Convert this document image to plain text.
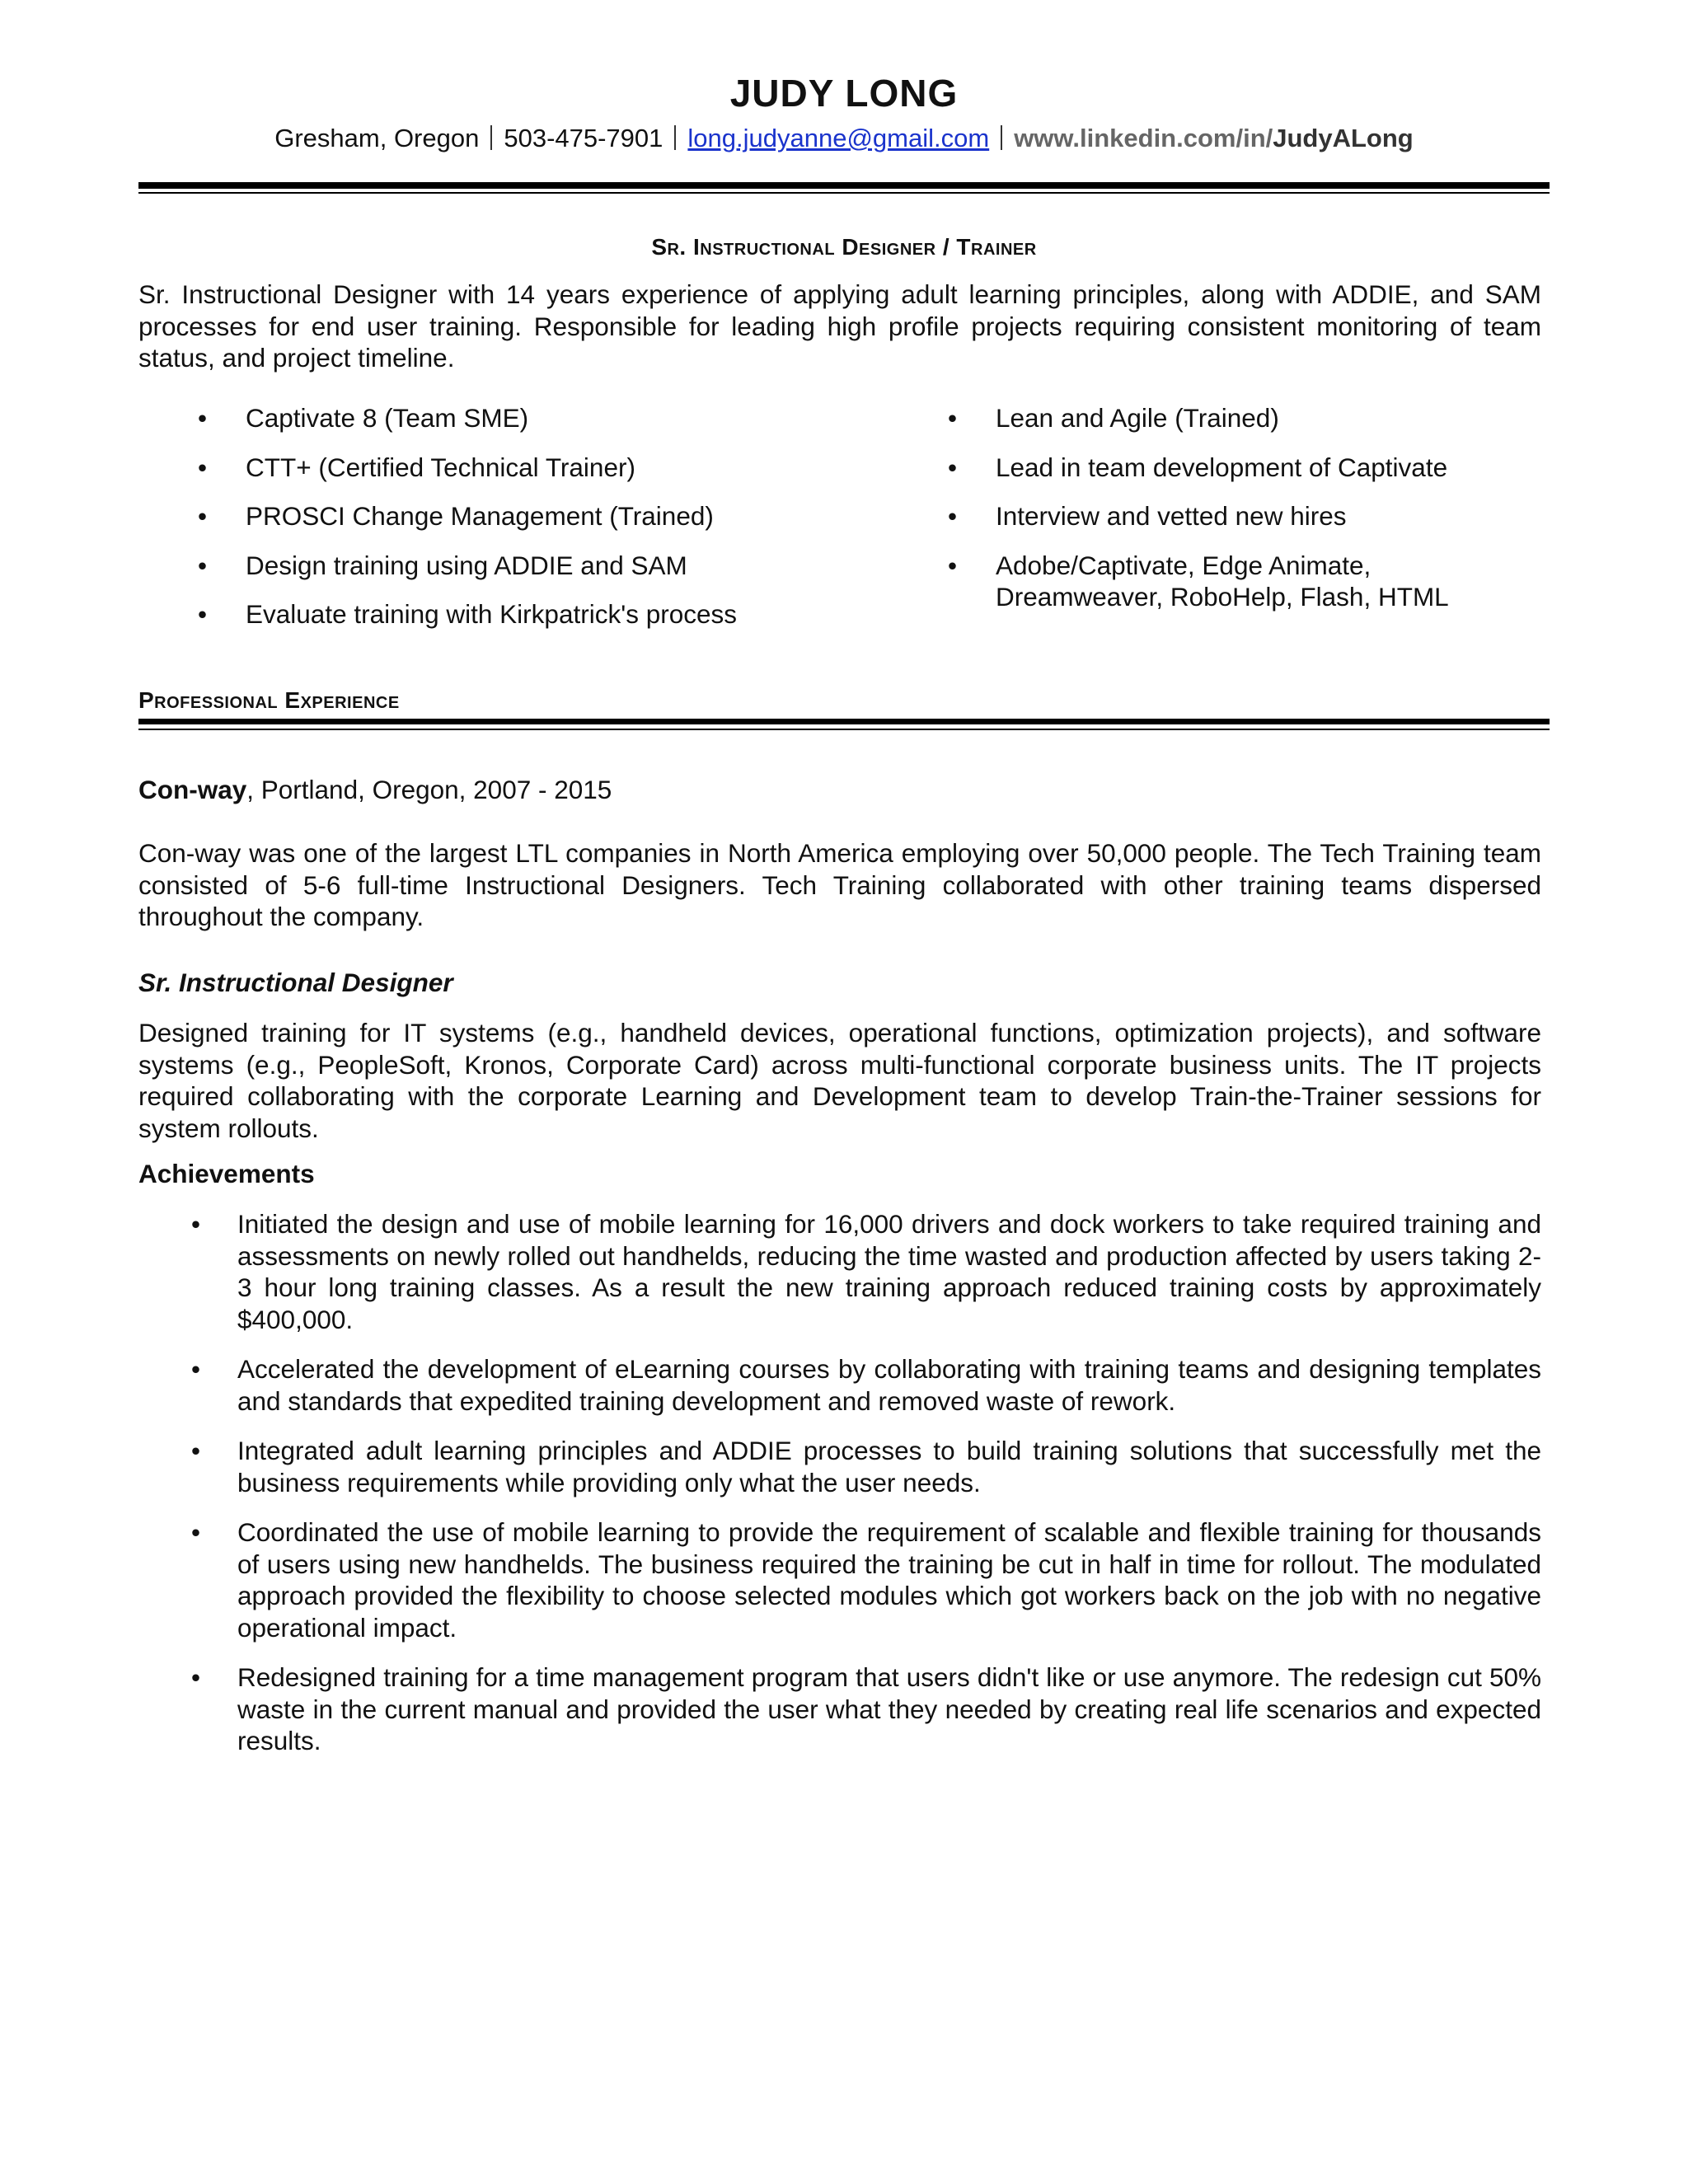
JUDY LONG
Gresham, Oregon 503-475-7901 long.judyanne@gmail.com www.linkedin.com/in/JudyALong
Sr. Instructional Designer / Trainer

Sr. Instructional Designer with 14 years experience of applying adult learning principles, along with ADDIE, and SAM processes for end user training. Responsible for leading high profile projects requiring consistent monitoring of team status, and project timeline.

• Captivate 8 (Team SME)
• CTT+ (Certified Technical Trainer)
• PROSCI Change Management (Trained)
• Design training using ADDIE and SAM
• Evaluate training with Kirkpatrick's process
• Lean and Agile (Trained)
• Lead in team development of Captivate
• Interview and vetted new hires
• Adobe/Captivate, Edge Animate, Dreamweaver, RoboHelp, Flash, HTML
Professional Experience
Con-way, Portland, Oregon, 2007 - 2015

Con-way was one of the largest LTL companies in North America employing over 50,000 people. The Tech Training team consisted of 5-6 full-time Instructional Designers. Tech Training collaborated with other training teams dispersed throughout the company.

Sr. Instructional Designer

Designed training for IT systems (e.g., handheld devices, operational functions, optimization projects), and software systems (e.g., PeopleSoft, Kronos, Corporate Card) across multi-functional corporate business units. The IT projects required collaborating with the corporate Learning and Development team to develop Train-the-Trainer sessions for system rollouts.

Achievements
• Initiated the design and use of mobile learning for 16,000 drivers and dock workers to take required training and assessments on newly rolled out handhelds, reducing the time wasted and production affected by users taking 2-3 hour long training classes. As a result the new training approach reduced training costs by approximately $400,000.
• Accelerated the development of eLearning courses by collaborating with training teams and designing templates and standards that expedited training development and removed waste of rework.
• Integrated adult learning principles and ADDIE processes to build training solutions that successfully met the business requirements while providing only what the user needs.
• Coordinated the use of mobile learning to provide the requirement of scalable and flexible training for thousands of users using new handhelds. The business required the training be cut in half in time for rollout. The modulated approach provided the flexibility to choose selected modules which got workers back on the job with no negative operational impact.
• Redesigned training for a time management program that users didn't like or use anymore. The redesign cut 50% waste in the current manual and provided the user what they needed by creating real life scenarios and expected results.
